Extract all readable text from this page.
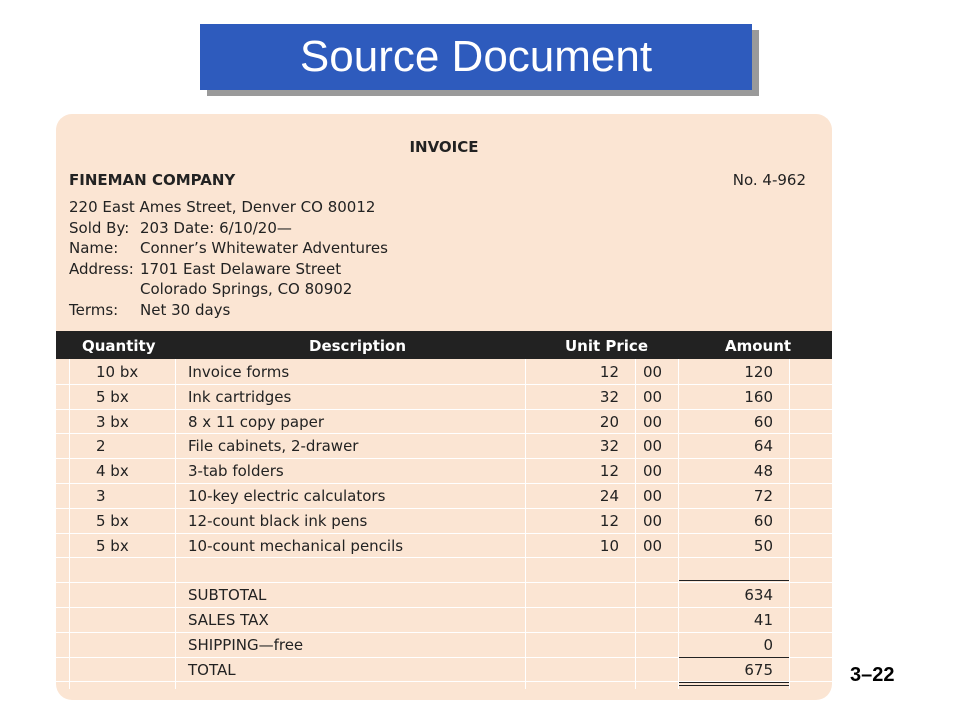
Source Document
INVOICE
FINEMAN COMPANY	No. 4-962
220 East Ames Street, Denver CO 80012
Sold By: 203 Date: 6/10/20—
Name:	Conner’s Whitewater Adventures
Address: 1701 East Delaware Street
Colorado Springs, CO 80902
Terms:	Net 30 days
Quantity	Description	Unit Price	Amount
10 bx	Invoice forms	12 00	120
5 bx	Ink cartridges	32 00	160
3 bx	8 x 11 copy paper	20 00	60
2	File cabinets, 2-drawer	32 00	64
4 bx	3-tab folders	12 00	48
3	10-key electric calculators	24 00	72
5 bx	12-count black ink pens	12 00	60
5 bx	10-count mechanical pencils	10 00	50
SUBTOTAL	634
SALES TAX	41
SHIPPING—free	0
TOTAL	675	3–22
